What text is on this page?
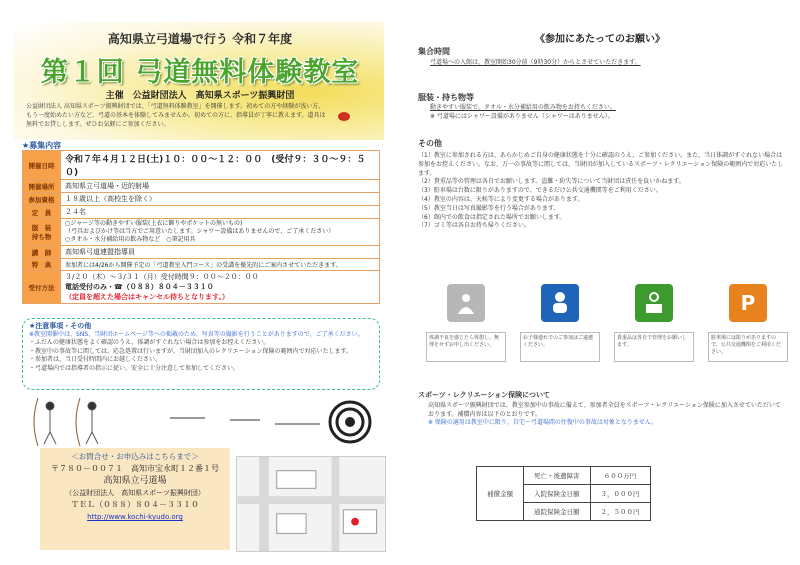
高知県立弓道場で行う 令和７年度
第１回 弓道無料体験教室
主催　公益財団法人　高知県スポーツ振興財団
公益財団法人 高知県スポーツ振興財団では、「弓道無料体験教室」を開催します。初めての方や経験が浅い方、もう一度始めたい方など、弓道の基本を体験してみませんか。初めての方に、指導員が丁寧に教えます。道具は無料でお貸しします。ぜひお気軽にご参加ください。
★募集内容
開催日時	令和７年４月１２日(土)１０：００～１２：００　(受付９：３０～９：５０)
開催場所	高知県立弓道場・近的射場
参加資格	１８歳以上（高校生を除く）
定　員	２４名
服　装
持ち物	○ジャージ等の動きやすい服装(上衣に飾りやポケットの無いもの)
（弓具およびかけ等は当方でご用意いたします。シャワー設備はありませんので、ご了承ください）
○タオル・水分補給用の飲み物など　○筆記用具
講　師	高知県弓道連盟指導員
特　典	参加者には4/26から開催予定の「弓道教室入門コース」の受講を優先的にご案内させていただきます。
受付方法	３/２０（木）～３/３１（月）受付時間９：００～２０：００
電話受付のみ・☎（０８８）８０４－３３１０（定員を超えた場合はキャンセル待ちとなります。）
★注意事項・その他
※教室開催中は、SNS、当財団ホームページ等への掲載のため、写真等の撮影を行うことがありますので、ご了承ください。
・ふだんの健康状態をよく確認のうえ、体調がすぐれない場合は参加をお控えください。
・教室中の事故等に関しては、応急処置は行いますが、当財団加入のレクリエーション保険の範囲内で対応いたします。
・参加者は、当日受付時間内にお越しください。
・弓道場内では指導者の指示に従い、安全に十分注意して参加してください。
＜お問合せ・お申込みはこちらまで＞
〒７８０－００７１　高知市宝永町１２番１号
高知県立弓道場
（公益財団法人　高知県スポーツ振興財団）
ＴＥＬ（０８８）８０４－３３１０
http://www.kochi-kyudo.org
《参加にあたってのお願い》
集合時間
弓道場への入館は、教室開始30分前（9時30分）からとさせていただきます。
服装・持ち物等
動きやすい服装で、タオル・水分補給用の飲み物をお持ちください。
※ 弓道場にはシャワー設備がありません（シャワーはありません）。
その他
（1）教室に参加される方は、あらかじめご自身の健康状態を十分に確認のうえ、ご参加ください。また、当日体調がすぐれない場合は参加をお控えください。なお、万一の事故等に関しては、当財団が加入しているスポーツ・レクリエーション保険の範囲内で対応いたします。
（2）貴重品等の管理は各自でお願いします。盗難・紛失等について当財団は責任を負いかねます。
（3）駐車場は台数に限りがありますので、できるだけ公共交通機関等をご利用ください。
（4）教室の内容は、天候等により変更する場合があります。
（5）教室当日は写真撮影等を行う場合があります。
（6）館内での飲食は指定された場所でお願いします。
（7）ゴミ等は各自お持ち帰りください。
体調不良を感じたら休憩し、無理をせずお申し出ください。
お子様連れでのご参加はご遠慮ください。
貴重品は各自で管理をお願いします。
P
駐車場には限りがありますので、公共交通機関をご利用ください。
スポーツ・レクリエーション保険について
高知県スポーツ振興財団では、教室参加中の事故に備えて、参加者全員をスポーツ・レクリエーション保険に加入させていただいております。補償内容は以下のとおりです。
※ 保険の適用は教室中に限り、自宅～弓道場間の往復中の事故は対象となりません。
補償金額	死亡・後遺障害	６００万円
	入院保険金日額	３，０００円
	通院保険金日額	２，５００円
